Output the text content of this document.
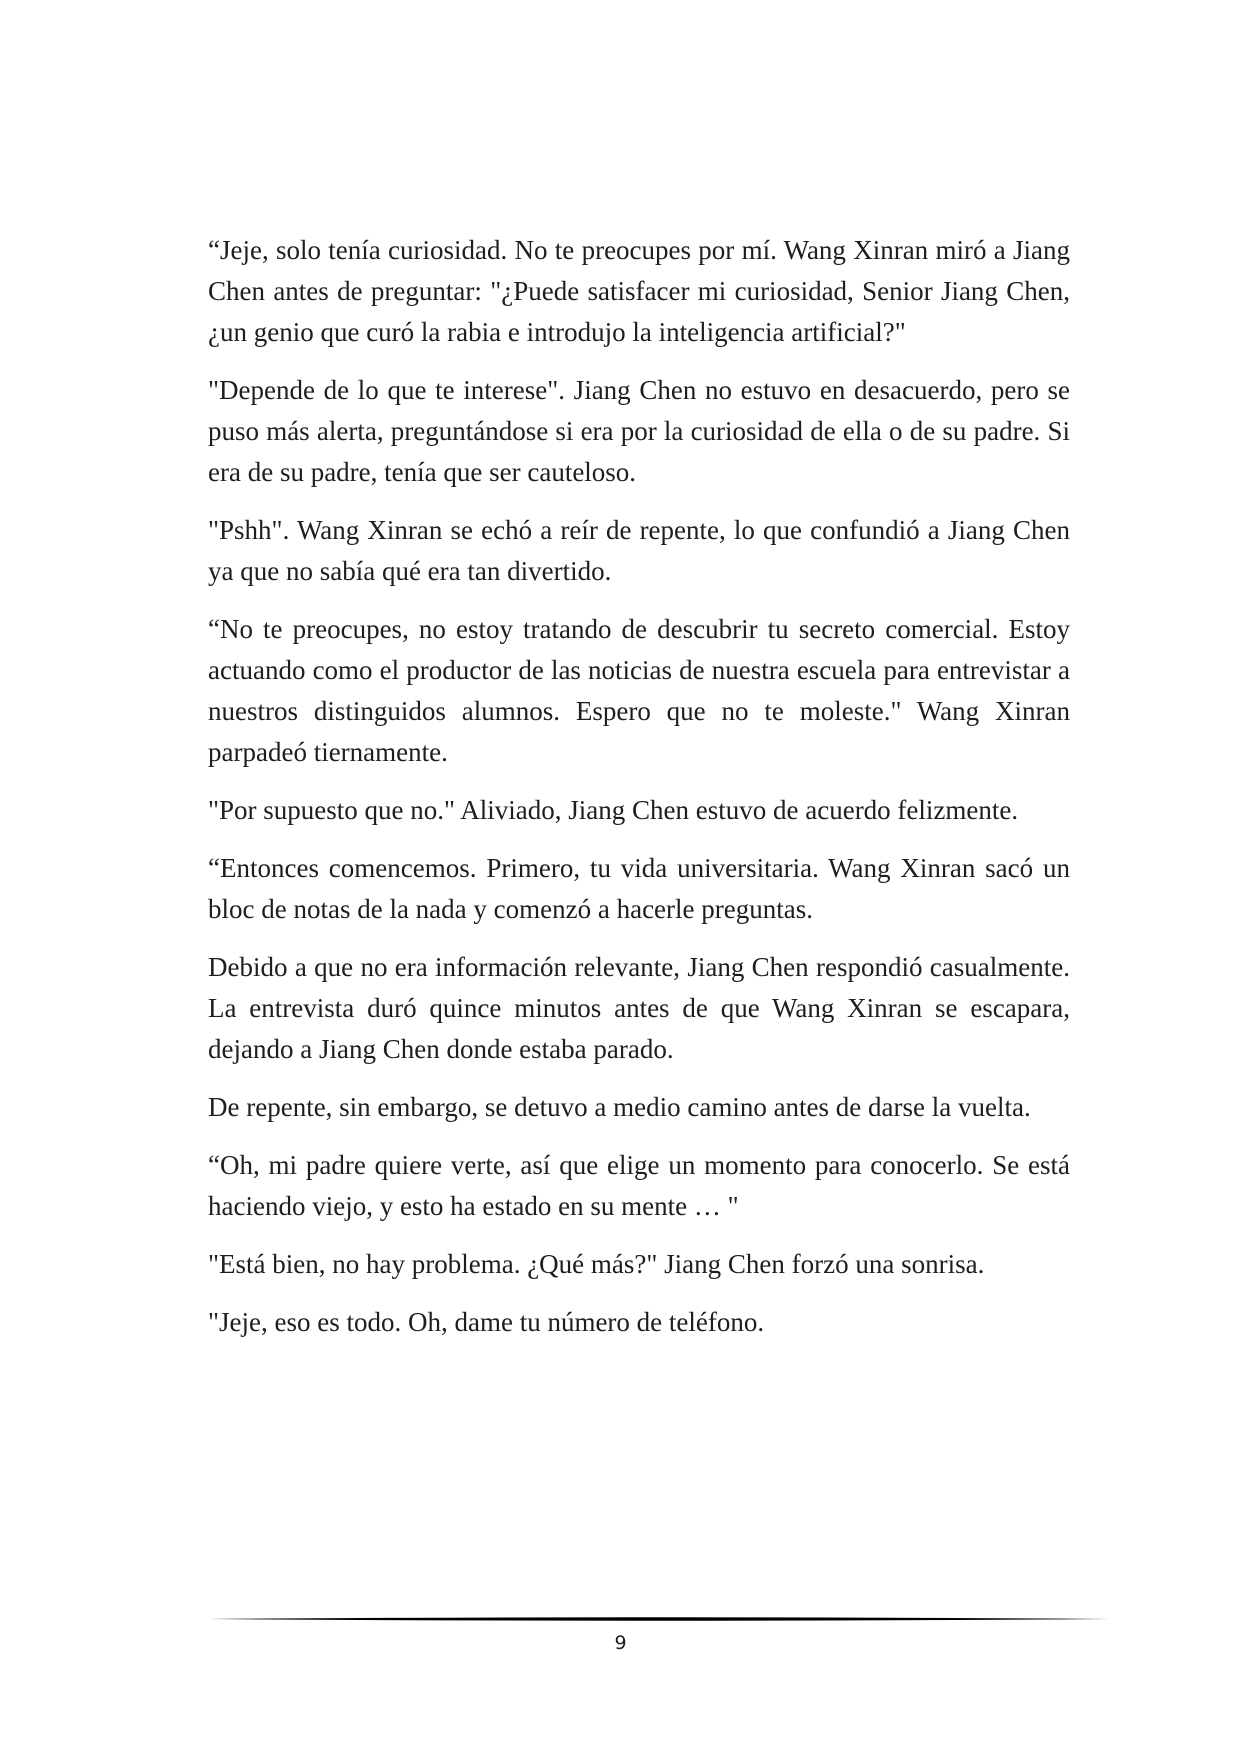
“Jeje, solo tenía curiosidad. No te preocupes por mí. Wang Xinran miró a Jiang Chen antes de preguntar: "¿Puede satisfacer mi curiosidad, Senior Jiang Chen, ¿un genio que curó la rabia e introdujo la inteligencia artificial?"

"Depende de lo que te interese". Jiang Chen no estuvo en desacuerdo, pero se puso más alerta, preguntándose si era por la curiosidad de ella o de su padre. Si era de su padre, tenía que ser cauteloso.

"Pshh". Wang Xinran se echó a reír de repente, lo que confundió a Jiang Chen ya que no sabía qué era tan divertido.

“No te preocupes, no estoy tratando de descubrir tu secreto comercial. Estoy actuando como el productor de las noticias de nuestra escuela para entrevistar a nuestros distinguidos alumnos. Espero que no te moleste." Wang Xinran parpadeó tiernamente.

"Por supuesto que no." Aliviado, Jiang Chen estuvo de acuerdo felizmente.

“Entonces comencemos. Primero, tu vida universitaria. Wang Xinran sacó un bloc de notas de la nada y comenzó a hacerle preguntas.

Debido a que no era información relevante, Jiang Chen respondió casualmente. La entrevista duró quince minutos antes de que Wang Xinran se escapara, dejando a Jiang Chen donde estaba parado.

De repente, sin embargo, se detuvo a medio camino antes de darse la vuelta.

“Oh, mi padre quiere verte, así que elige un momento para conocerlo. Se está haciendo viejo, y esto ha estado en su mente … "

"Está bien, no hay problema. ¿Qué más?" Jiang Chen forzó una sonrisa.

"Jeje, eso es todo. Oh, dame tu número de teléfono.

9
